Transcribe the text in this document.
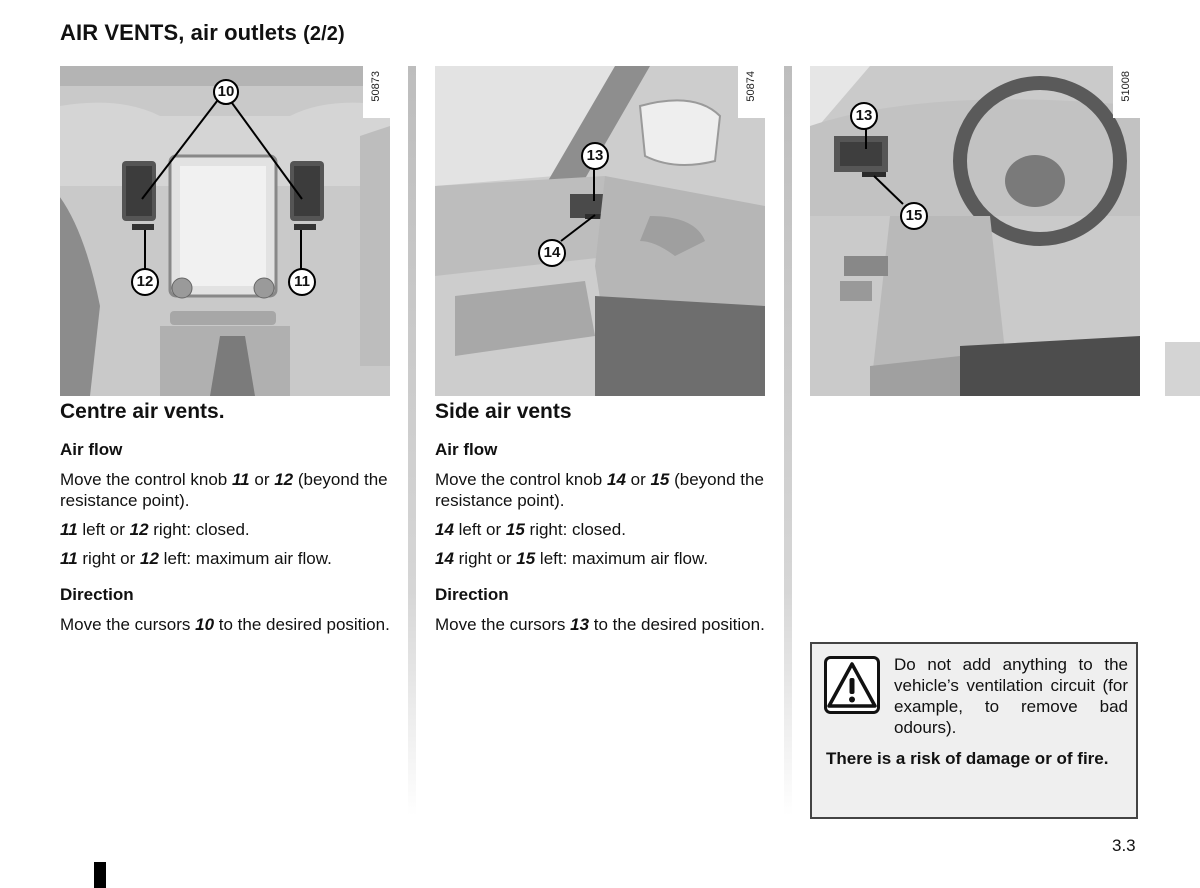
AIR VENTS, air outlets (2/2)
50873
10
12	11
50874
13
14
51008
13
15
Centre air vents.
Air flow

Move the control knob 11 or 12 (beyond the resistance point).

11 left or 12 right: closed.

11 right or 12 left: maximum air flow.

Direction

Move the cursors 10 to the desired position.

Side air vents
Air flow

Move the control knob 14 or 15 (beyond the resistance point).

14 left or 15 right: closed.

14 right or 15 left: maximum air flow.

Direction

Move the cursors 13 to the desired position.

Do not add anything to the vehicle’s ventilation circuit (for example, to remove bad odours).
There is a risk of damage or of fire.
3.3
